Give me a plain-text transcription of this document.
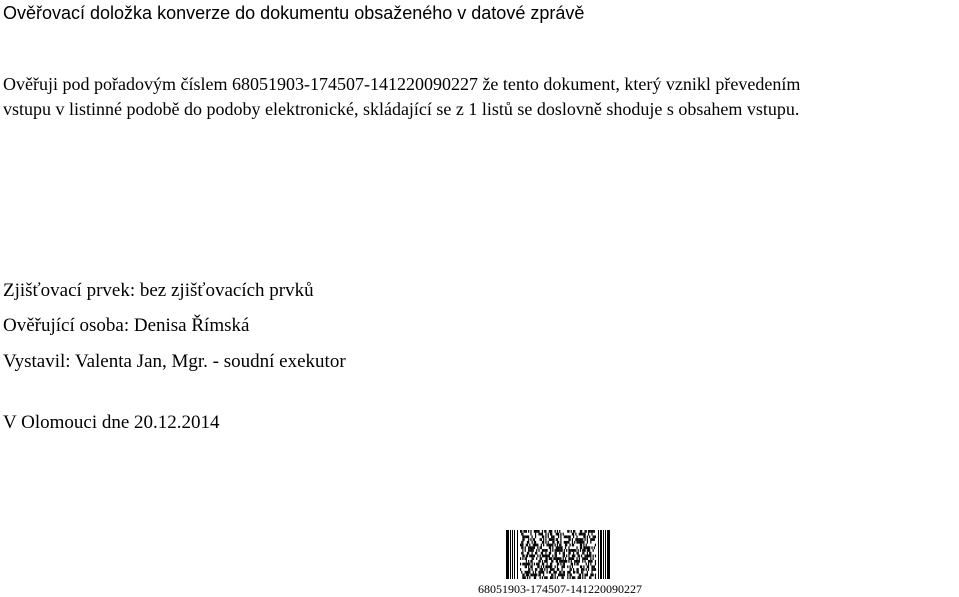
Ověřovací doložka konverze do dokumentu obsaženého v datové zprávě
Ověřuji pod pořadovým číslem 68051903-174507-141220090227 že tento dokument, který vznikl převedením
vstupu v listinné podobě do podoby elektronické, skládající se z 1 listů se doslovně shoduje s obsahem vstupu.
Zjišťovací prvek: bez zjišťovacích prvků
Ověřující osoba: Denisa Římská
Vystavil: Valenta Jan, Mgr. - soudní exekutor
V Olomouci dne 20.12.2014
68051903-174507-141220090227
